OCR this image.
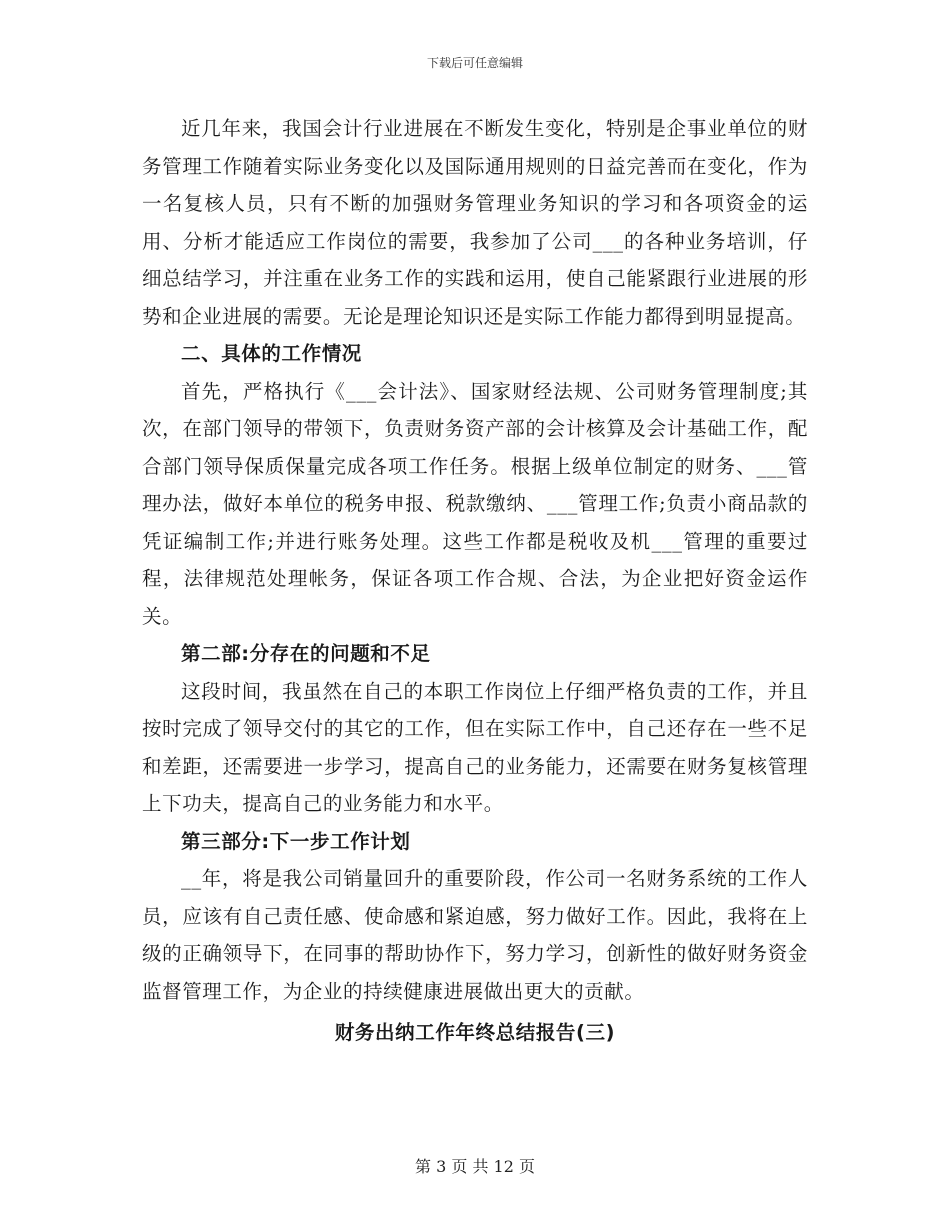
下载后可任意编辑

近几年来，我国会计行业进展在不断发生变化，特别是企事业单位的财务管理工作随着实际业务变化以及国际通用规则的日益完善而在变化，作为一名复核人员，只有不断的加强财务管理业务知识的学习和各项资金的运用、分析才能适应工作岗位的需要，我参加了公司___的各种业务培训，仔细总结学习，并注重在业务工作的实践和运用，使自己能紧跟行业进展的形势和企业进展的需要。无论是理论知识还是实际工作能力都得到明显提高。

二、具体的工作情况

首先，严格执行《___会计法》、国家财经法规、公司财务管理制度;其次，在部门领导的带领下，负责财务资产部的会计核算及会计基础工作，配合部门领导保质保量完成各项工作任务。根据上级单位制定的财务、___管理办法，做好本单位的税务申报、税款缴纳、___管理工作;负责小商品款的凭证编制工作;并进行账务处理。这些工作都是税收及机___管理的重要过程，法律规范处理帐务，保证各项工作合规、合法，为企业把好资金运作关。

第二部:分存在的问题和不足

这段时间，我虽然在自己的本职工作岗位上仔细严格负责的工作，并且按时完成了领导交付的其它的工作，但在实际工作中，自己还存在一些不足和差距，还需要进一步学习，提高自己的业务能力，还需要在财务复核管理上下功夫，提高自己的业务能力和水平。

第三部分:下一步工作计划

__年，将是我公司销量回升的重要阶段，作公司一名财务系统的工作人员，应该有自己责任感、使命感和紧迫感，努力做好工作。因此，我将在上级的正确领导下，在同事的帮助协作下，努力学习，创新性的做好财务资金监督管理工作，为企业的持续健康进展做出更大的贡献。

财务出纳工作年终总结报告(三)

第 3 页 共 12 页
